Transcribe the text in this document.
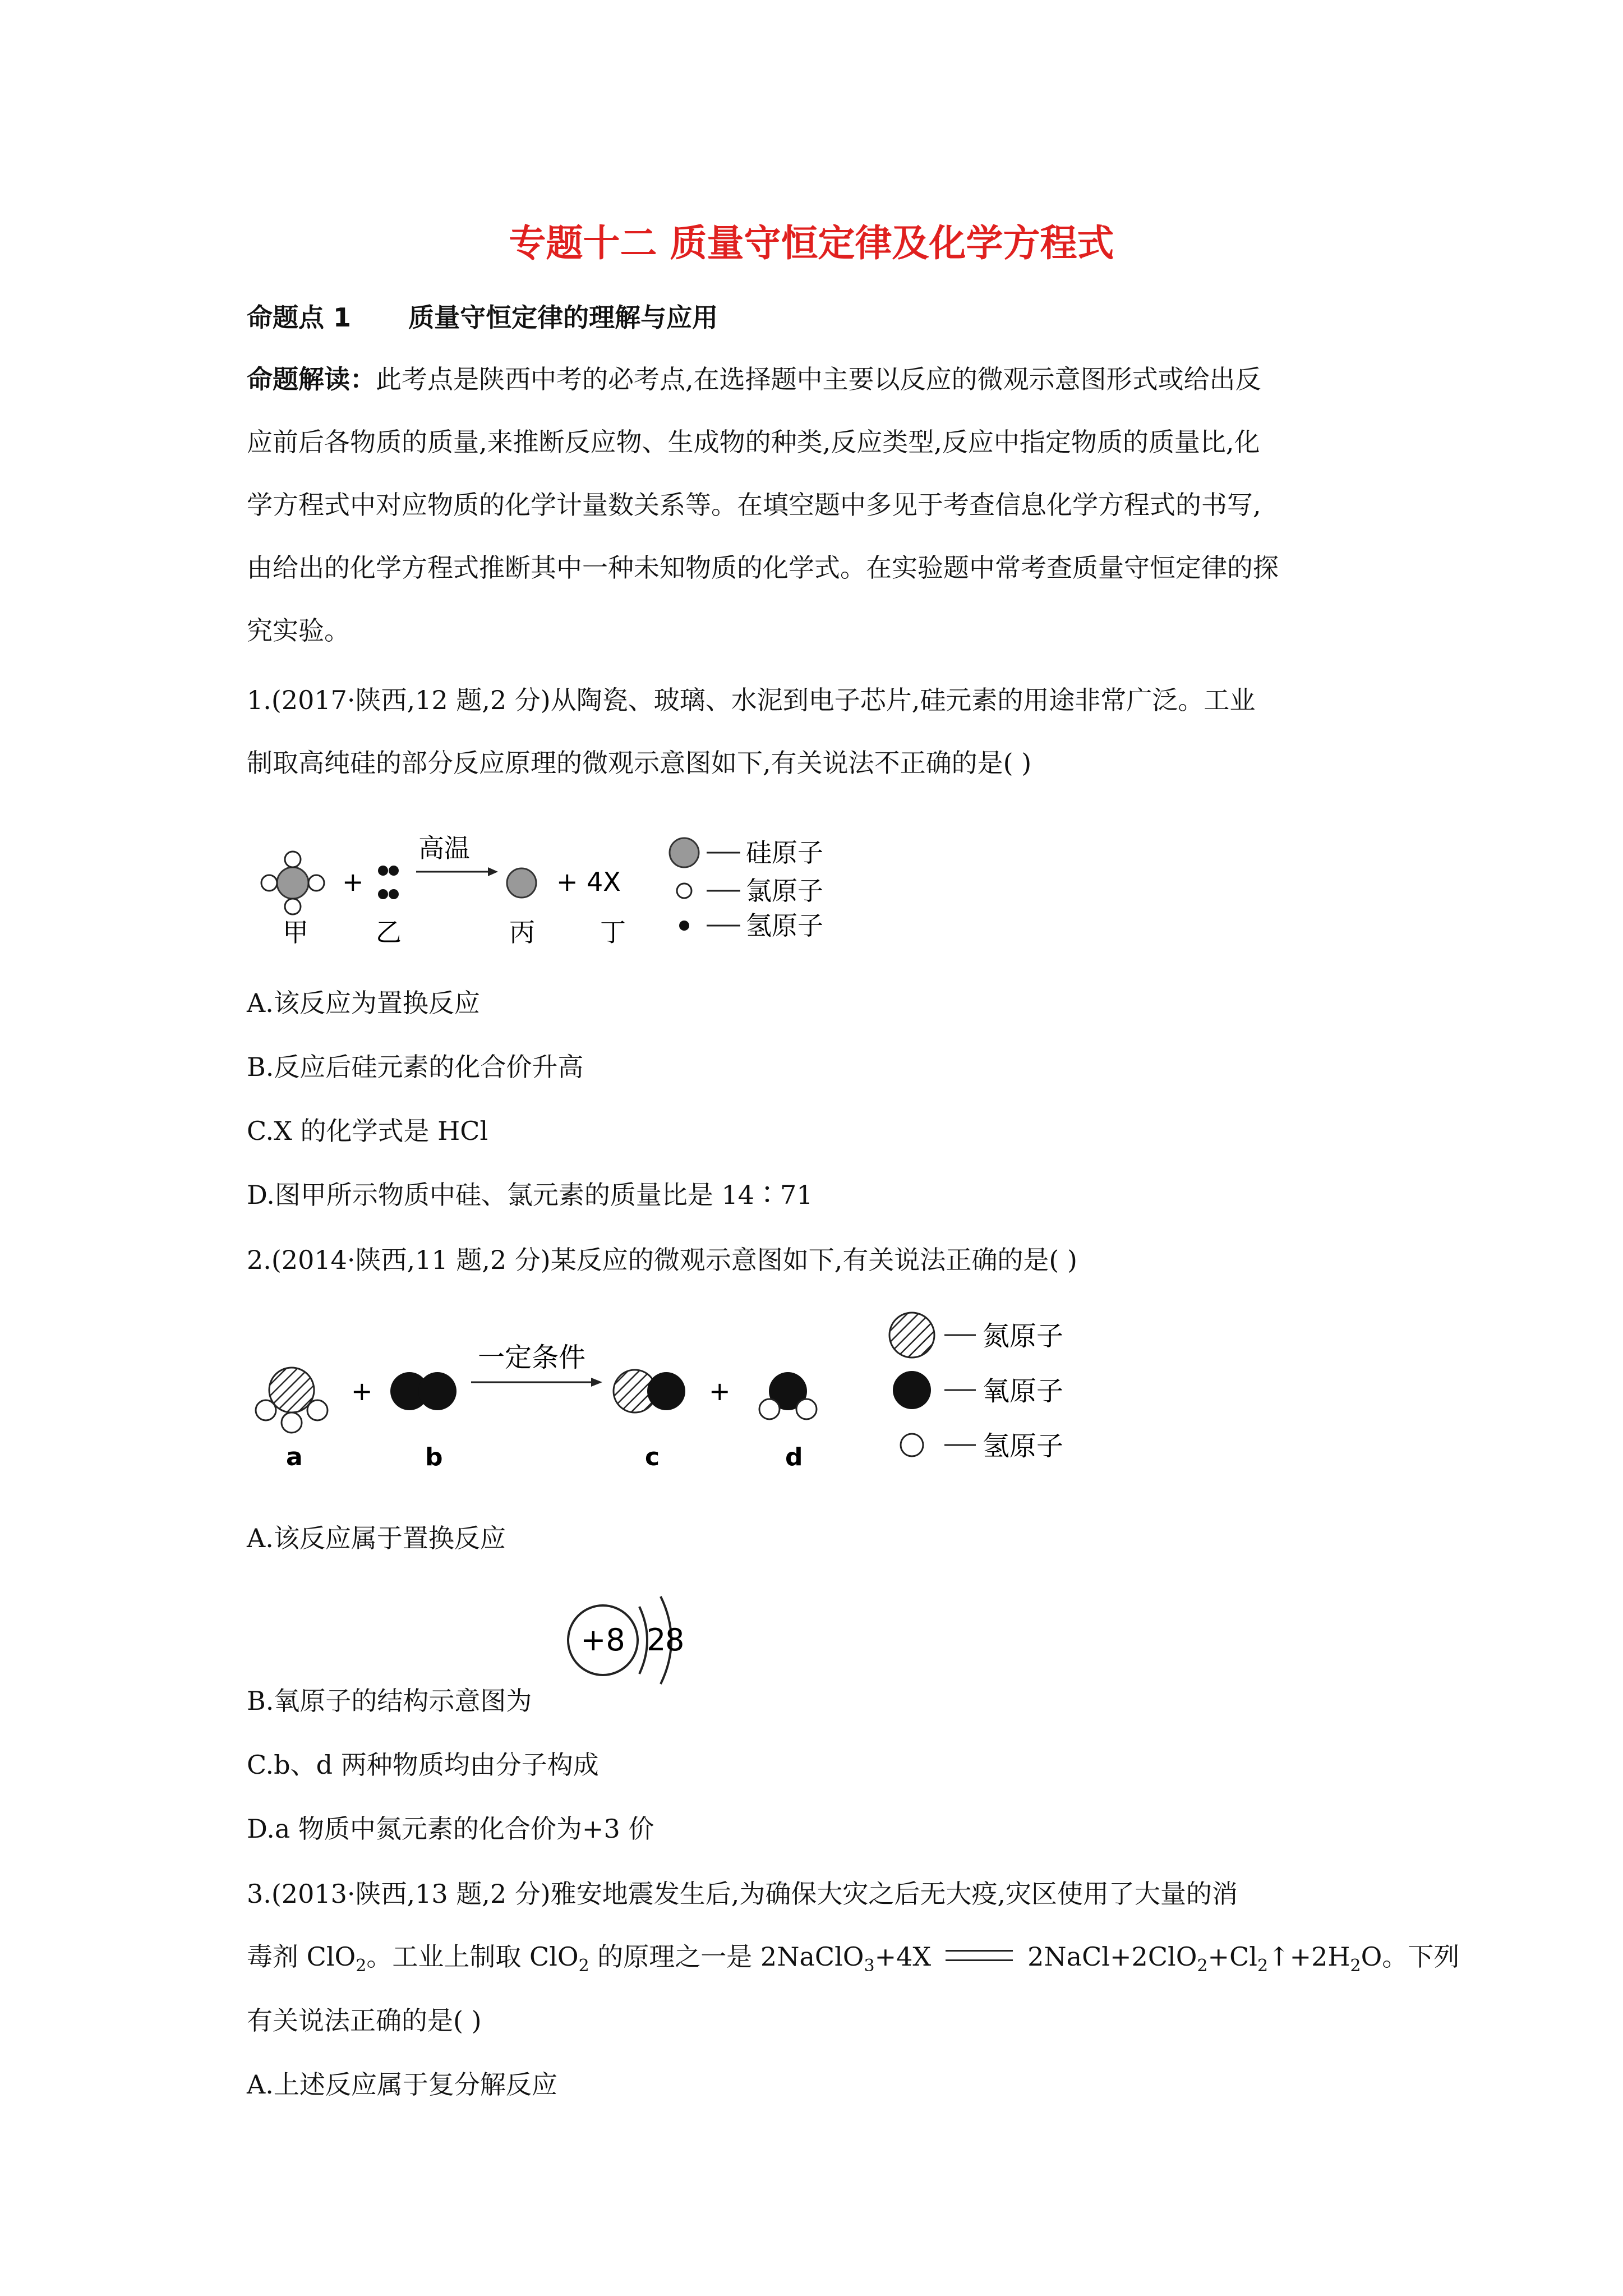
专题十二 质量守恒定律及化学方程式
命题点 1 质量守恒定律的理解与应用
命题解读：此考点是陕西中考的必考点,在选择题中主要以反应的微观示意图形式或给出反
应前后各物质的质量,来推断反应物、生成物的种类,反应类型,反应中指定物质的质量比,化
学方程式中对应物质的化学计量数关系等。在填空题中多见于考查信息化学方程式的书写,
由给出的化学方程式推断其中一种未知物质的化学式。在实验题中常考查质量守恒定律的探
究实验。
1.(2017·陕西,12 题,2 分)从陶瓷、玻璃、水泥到电子芯片,硅元素的用途非常广泛。工业
制取高纯硅的部分反应原理的微观示意图如下,有关说法不正确的是( )
+
高温
+ 4X
甲	乙	丙	丁
硅原子
氯原子
氢原子
A.该反应为置换反应
B.反应后硅元素的化合价升高
C.X 的化学式是 HCl
D.图甲所示物质中硅、氯元素的质量比是 14∶71
2.(2014·陕西,11 题,2 分)某反应的微观示意图如下,有关说法正确的是( )
+
一定条件
+
a	b	c	d
氮原子
氧原子
氢原子
A.该反应属于置换反应
+8 2
8
B.氧原子的结构示意图为
C.b、d 两种物质均由分子构成
D.a 物质中氮元素的化合价为+3 价
3.(2013·陕西,13 题,2 分)雅安地震发生后,为确保大灾之后无大疫,灾区使用了大量的消
毒剂 ClO$_2$。工业上制取 ClO$_2$ 的原理之一是 2NaClO$_3$+4X	$2NaCl+2ClO_2+Cl_2↑+2H_2O$。下列
有关说法正确的是( )
A.上述反应属于复分解反应
